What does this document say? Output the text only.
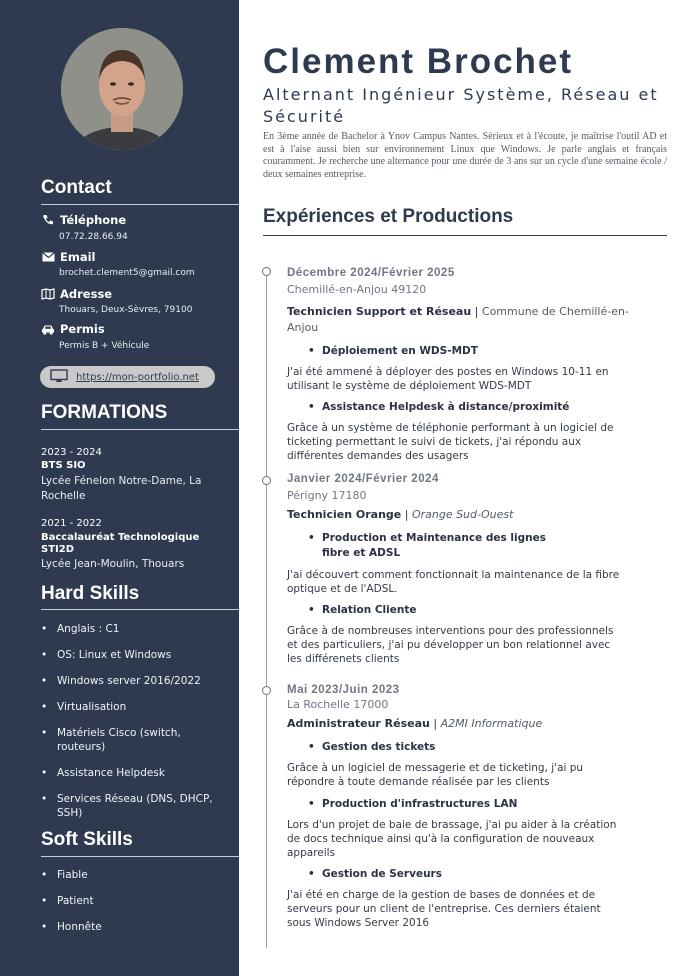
Contact
Téléphone
07.72.28.66.94
Email
brochet.clement5@gmail.com
Adresse
Thouars, Deux-Sèvres, 79100
Permis
Permis B + Véhicule
https://mon-portfolio.net
FORMATIONS
2023 - 2024
BTS SIO
Lycée Fénelon Notre-Dame, La Rochelle
2021 - 2022
Baccalauréat Technologique STI2D
Lycée Jean-Moulin, Thouars
Hard Skills
• Anglais : C1
• OS: Linux et Windows
• Windows server 2016/2022
• Virtualisation
• Matériels Cisco (switch, routeurs)
• Assistance Helpdesk
• Services Réseau (DNS, DHCP, SSH)
Soft Skills
• Fiable
• Patient
• Honnête
Clement Brochet
Alternant Ingénieur Système, Réseau et Sécurité

En 3ème année de Bachelor à Ynov Campus Nantes. Sérieux et à l'écoute, je maîtrise l'outil AD et est à l'aise aussi bien sur environnement Linux que Windows. Je parle anglais et français couramment. Je recherche une alternance pour une durée de 3 ans sur un cycle d'une semaine école / deux semaines entreprise.

Expériences et Productions
Décembre 2024/Février 2025
Chemillé-en-Anjou 49120
Technicien Support et Réseau | Commune de Chemillé-en-Anjou
• Déploiement en WDS-MDT
J'ai été ammené à déployer des postes en Windows 10-11 en utilisant le système de déploiement WDS-MDT
• Assistance Helpdesk à distance/proximité
Grâce à un système de téléphonie performant à un logiciel de ticketing permettant le suivi de tickets, j'ai répondu aux différentes demandes des usagers
Janvier 2024/Février 2024
Périgny 17180
Technicien Orange | Orange Sud-Ouest
• Production et Maintenance des lignes fibre et ADSL
J'ai découvert comment fonctionnait la maintenance de la fibre optique et de l'ADSL.
• Relation Cliente
Grâce à de nombreuses interventions pour des professionnels et des particuliers, j'ai pu développer un bon relationnel avec les différenets clients
Mai 2023/Juin 2023
La Rochelle 17000
Administrateur Réseau | A2MI Informatique
• Gestion des tickets
Grâce à un logiciel de messagerie et de ticketing, j'ai pu répondre à toute demande réalisée par les clients
• Production d'infrastructures LAN
Lors d'un projet de baie de brassage, j'ai pu aider à la création de docs technique ainsi qu'à la configuration de nouveaux appareils
• Gestion de Serveurs
J'ai été en charge de la gestion de bases de données et de serveurs pour un client de l'entreprise. Ces derniers étaient sous Windows Server 2016
